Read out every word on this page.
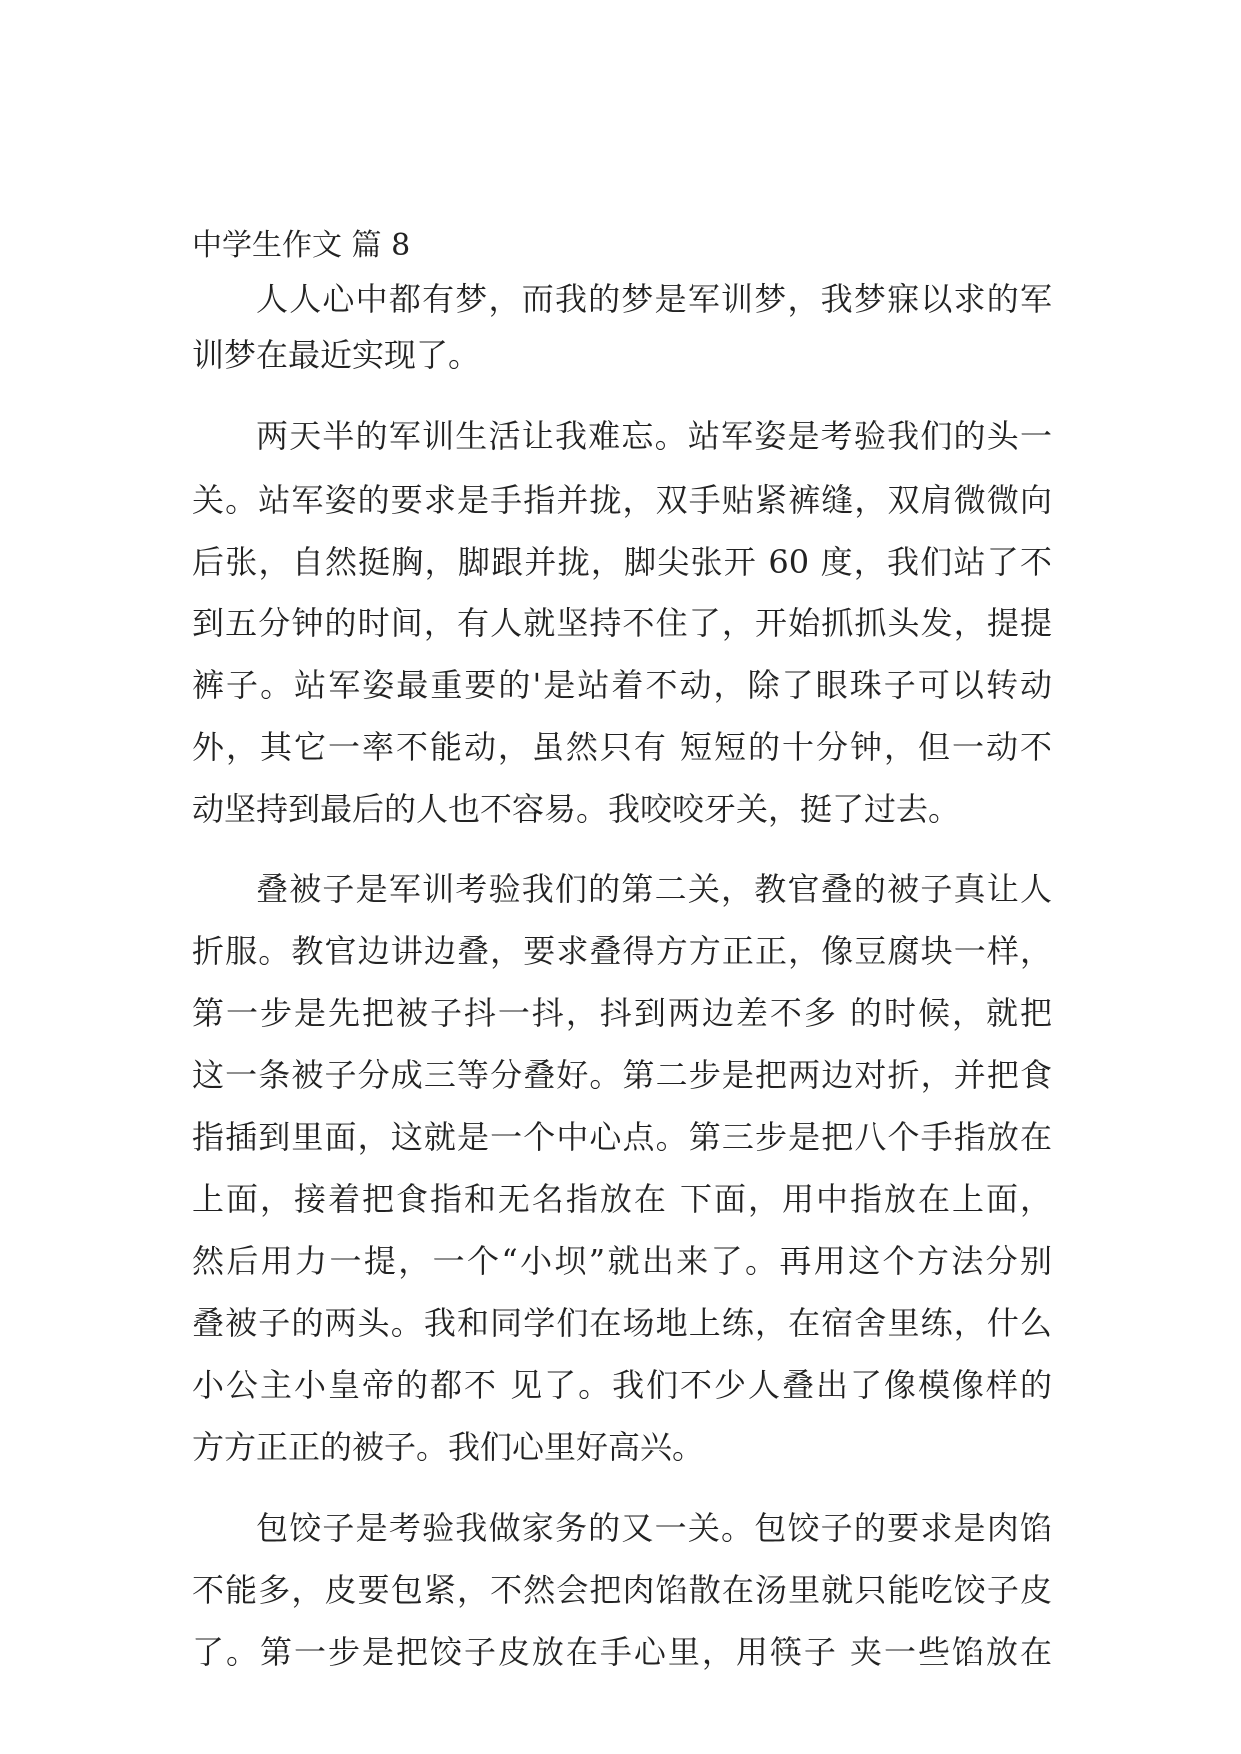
中学生作文 篇 8

人人心中都有梦，而我的梦是军训梦，我梦寐以求的军

训梦在最近实现了。

两天半的军训生活让我难忘。站军姿是考验我们的头一

关。站军姿的要求是手指并拢，双手贴紧裤缝，双肩微微向

后张，自然挺胸，脚跟并拢，脚尖张开 60 度，我们站了不

到五分钟的时间，有人就坚持不住了，开始抓抓头发，提提

裤子。站军姿最重要的'是站着不动，除了眼珠子可以转动

外，其它一率不能动，虽然只有 短短的十分钟，但一动不

动坚持到最后的人也不容易。我咬咬牙关，挺了过去。

叠被子是军训考验我们的第二关，教官叠的被子真让人

折服。教官边讲边叠，要求叠得方方正正，像豆腐块一样，

第一步是先把被子抖一抖，抖到两边差不多 的时候，就把

这一条被子分成三等分叠好。第二步是把两边对折，并把食

指插到里面，这就是一个中心点。第三步是把八个手指放在

上面，接着把食指和无名指放在 下面，用中指放在上面，

然后用力一提，一个“小坝”就出来了。再用这个方法分别

叠被子的两头。我和同学们在场地上练，在宿舍里练，什么

小公主小皇帝的都不 见了。我们不少人叠出了像模像样的

方方正正的被子。我们心里好高兴。

包饺子是考验我做家务的又一关。包饺子的要求是肉馅

不能多，皮要包紧，不然会把肉馅散在汤里就只能吃饺子皮

了。第一步是把饺子皮放在手心里，用筷子 夹一些馅放在
